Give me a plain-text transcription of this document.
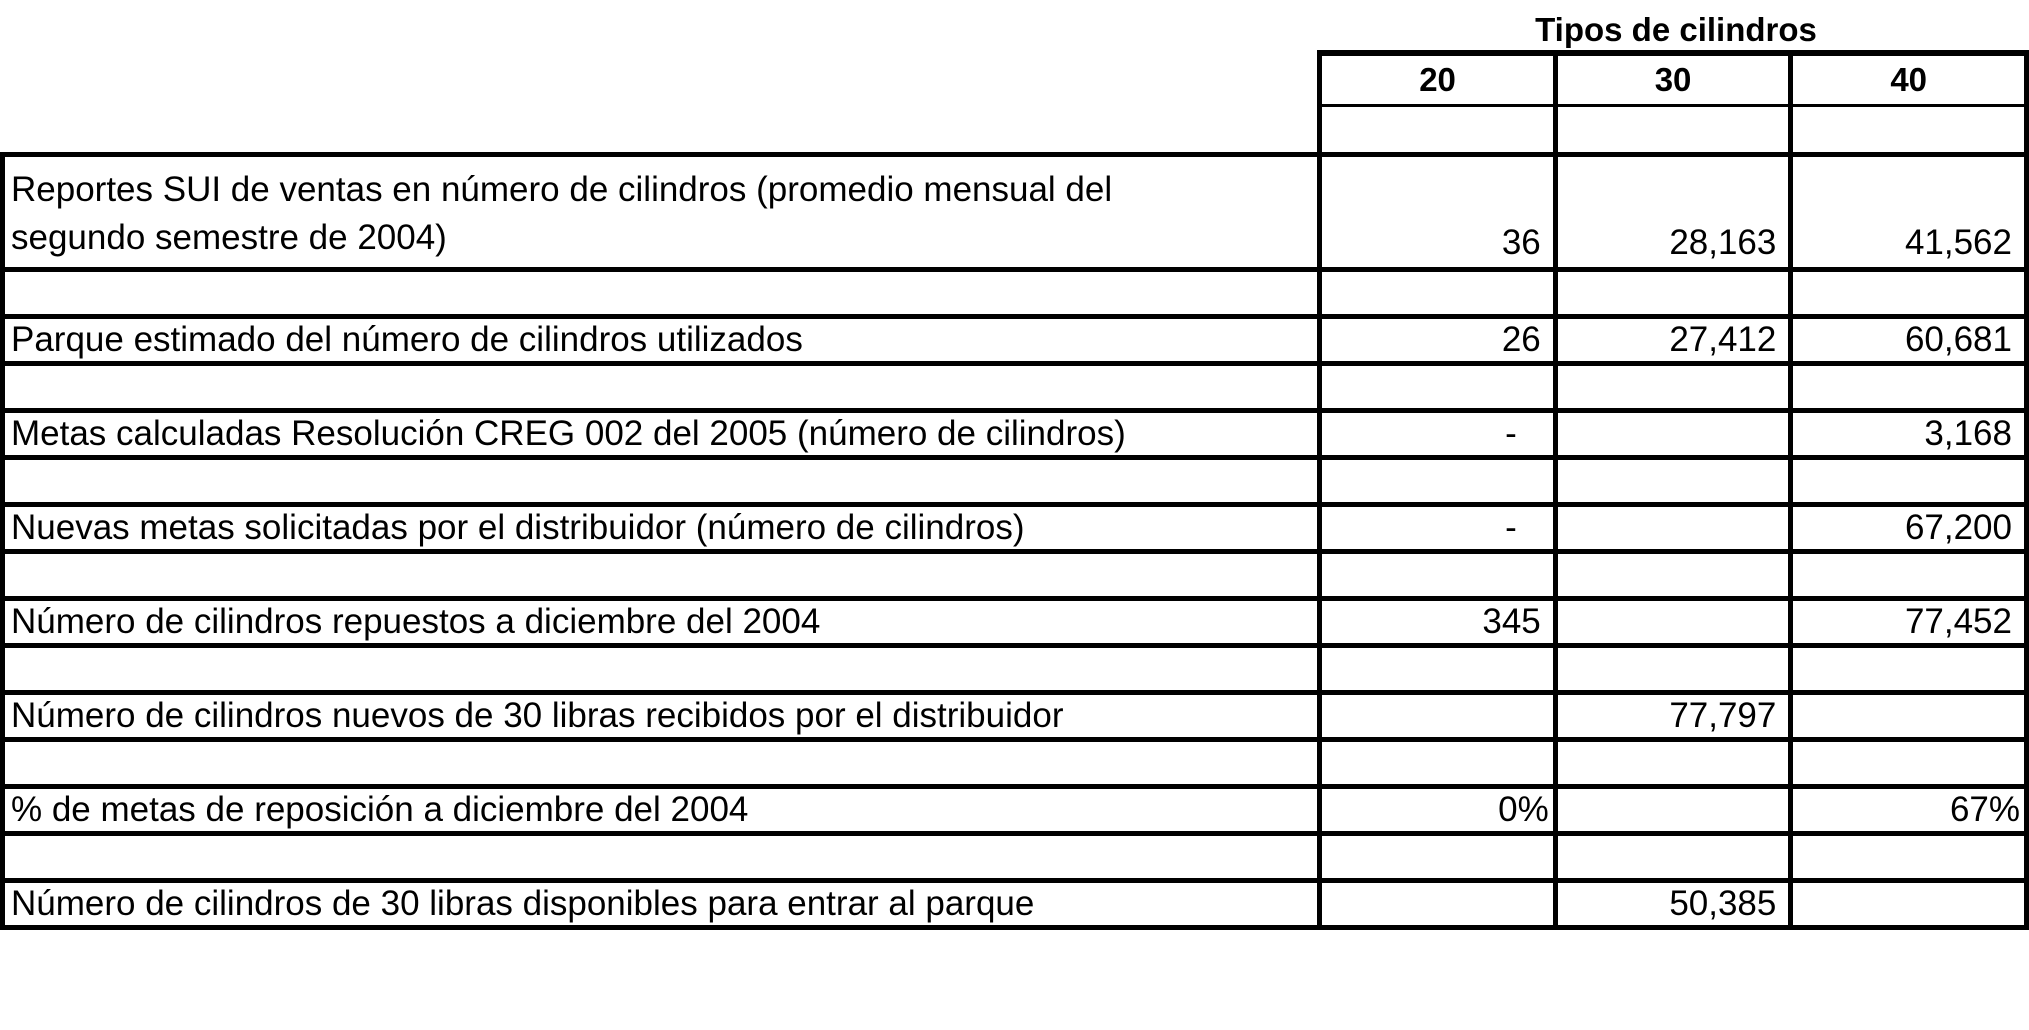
Tipos de cilindros
	20	30	40

Reportes SUI de ventas en número de cilindros (promedio mensual del
segundo semestre de 2004)	36	28,163	41,562

Parque estimado del número de cilindros utilizados	26	27,412	60,681

Metas calculadas Resolución CREG 002 del 2005 (número de cilindros)	-		3,168

Nuevas metas solicitadas por el distribuidor (número de cilindros)	-		67,200

Número de cilindros repuestos a diciembre del 2004	345		77,452

Número de cilindros nuevos de 30 libras recibidos por el distribuidor		77,797	

% de metas de reposición a diciembre del 2004	0%		67%

Número de cilindros de 30 libras disponibles para entrar al parque		50,385	
